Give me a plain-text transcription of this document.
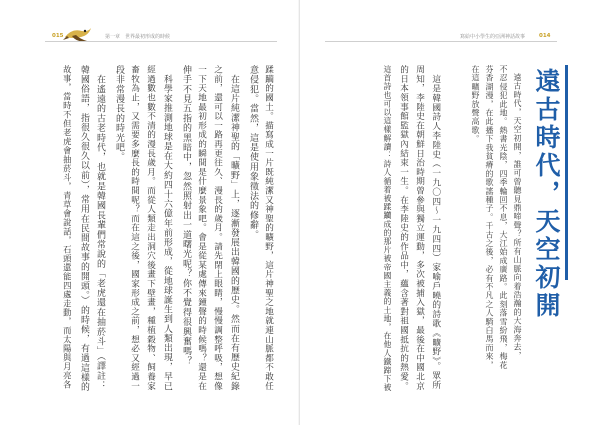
015	第一章　世界最初形成的時候
蹂躏的國土。描寫成一片既純潔又神聖的曠野，這片神聖之地就連山脈都不敢任
意侵犯。當然，這是使用象徵法的修辭。
　在這片純潔神聖的「曠野」上，逐漸發展出韓國的歷史。然而在有歷史紀錄
之前，還可以一路再更往久、漫長的歲月。請先閉上眼睛，慢慢調整呼吸，想像
一下天地最初形成的瞬間是什麼景象吧。會是從某處傳來鐘聲的時候嗎？還是在
伸手不見五指的黑暗中，忽然照射出一道曙光呢？你不覺得很興奮嗎？
　科學家推測地球是在大約四十六億年前形成，從地球誕生到人類出現，早已
經過數也數不清的漫長歲月。而從人類走出洞穴後畫下壁畫，種植穀物、飼養家
畜牧為止，又需要多麼長的時間呢？而在這之後，國家形成之前，想必又經過一
段非常漫長的時光吧。
　在遙遠的古老時代，也就是韓國長輩們常說的「老虎還在抽菸斗」（譯註：
韓國俗語，指很久很久以前），常用在民間故事的開頭。）的時候，有過這樣的
故事，當時不但老虎會抽菸斗，青草會說話，石頭還能四處走動，而太陽與月亮各
寫給中小學生的亞洲神話故事	014
遠古時代，天空初開
遠古時代，天空初開，誰可曾聽見鼎啼聲？所有山脈向着浩瀚的大海奔去，
不忍侵犯此地。熱書光陰，四季輪回不息，大江始成廣路。此刻落雪紛飛，梅花
芬香湖漫，在此播下我貧瘠的歌謠種子。千古之後，必有不凡之人騎白馬而來，
在這曠野放聲高歌。
　這是韓國詩人李陸史（一九〇四～一九四四）家喻戶曉的詩歌《曠野》。眾所
周知，李陸史在朝鮮日治時期曾參與獨立運動，多次被捕入獄，最後在中國北京
的日本領事館監獄內結束一生。在李陸史的作品中，蘊含著對祖國抵抗的熱愛。
這首詩也可以這樣解讀：詩人循着被蹂躪成的那片被帝國主義的土地，在他人鐵蹄下被
